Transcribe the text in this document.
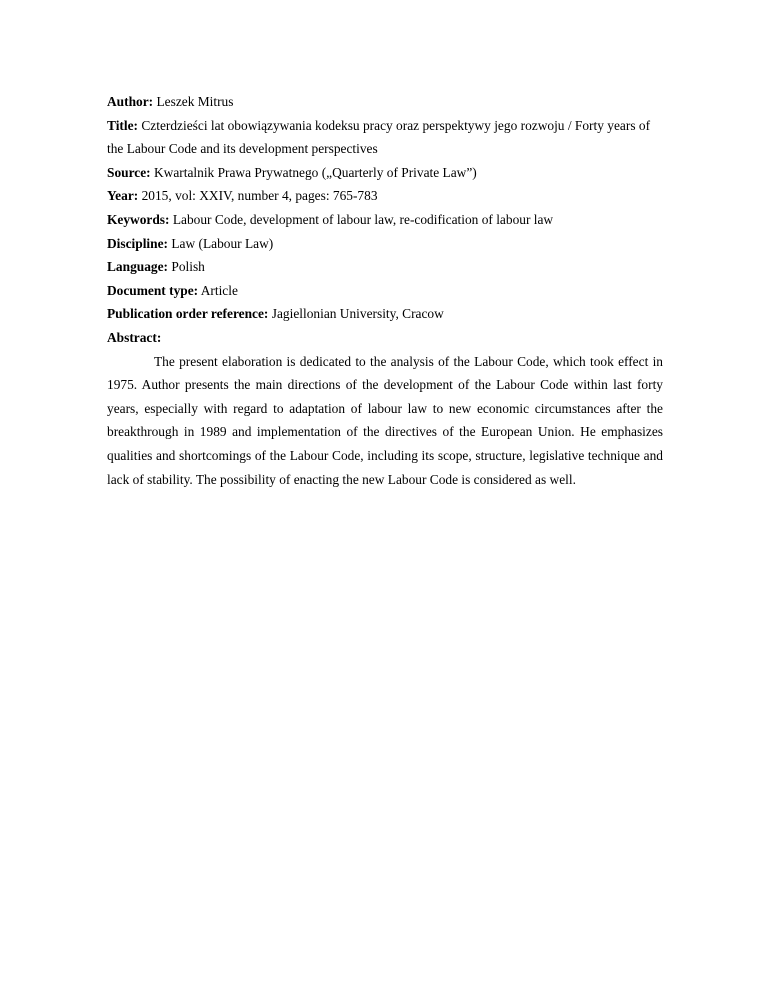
Author: Leszek Mitrus

Title: Czterdzieści lat obowiązywania kodeksu pracy oraz perspektywy jego rozwoju / Forty years of the Labour Code and its development perspectives

Source: Kwartalnik Prawa Prywatnego („Quarterly of Private Law”)

Year: 2015, vol: XXIV, number 4, pages: 765-783

Keywords: Labour Code, development of labour law, re-codification of labour law

Discipline: Law (Labour Law)

Language: Polish

Document type: Article

Publication order reference: Jagiellonian University, Cracow

Abstract:

The present elaboration is dedicated to the analysis of the Labour Code, which took effect in 1975. Author presents the main directions of the development of the Labour Code within last forty years, especially with regard to adaptation of labour law to new economic circumstances after the breakthrough in 1989 and implementation of the directives of the European Union. He emphasizes qualities and shortcomings of the Labour Code, including its scope, structure, legislative technique and lack of stability. The possibility of enacting the new Labour Code is considered as well.
